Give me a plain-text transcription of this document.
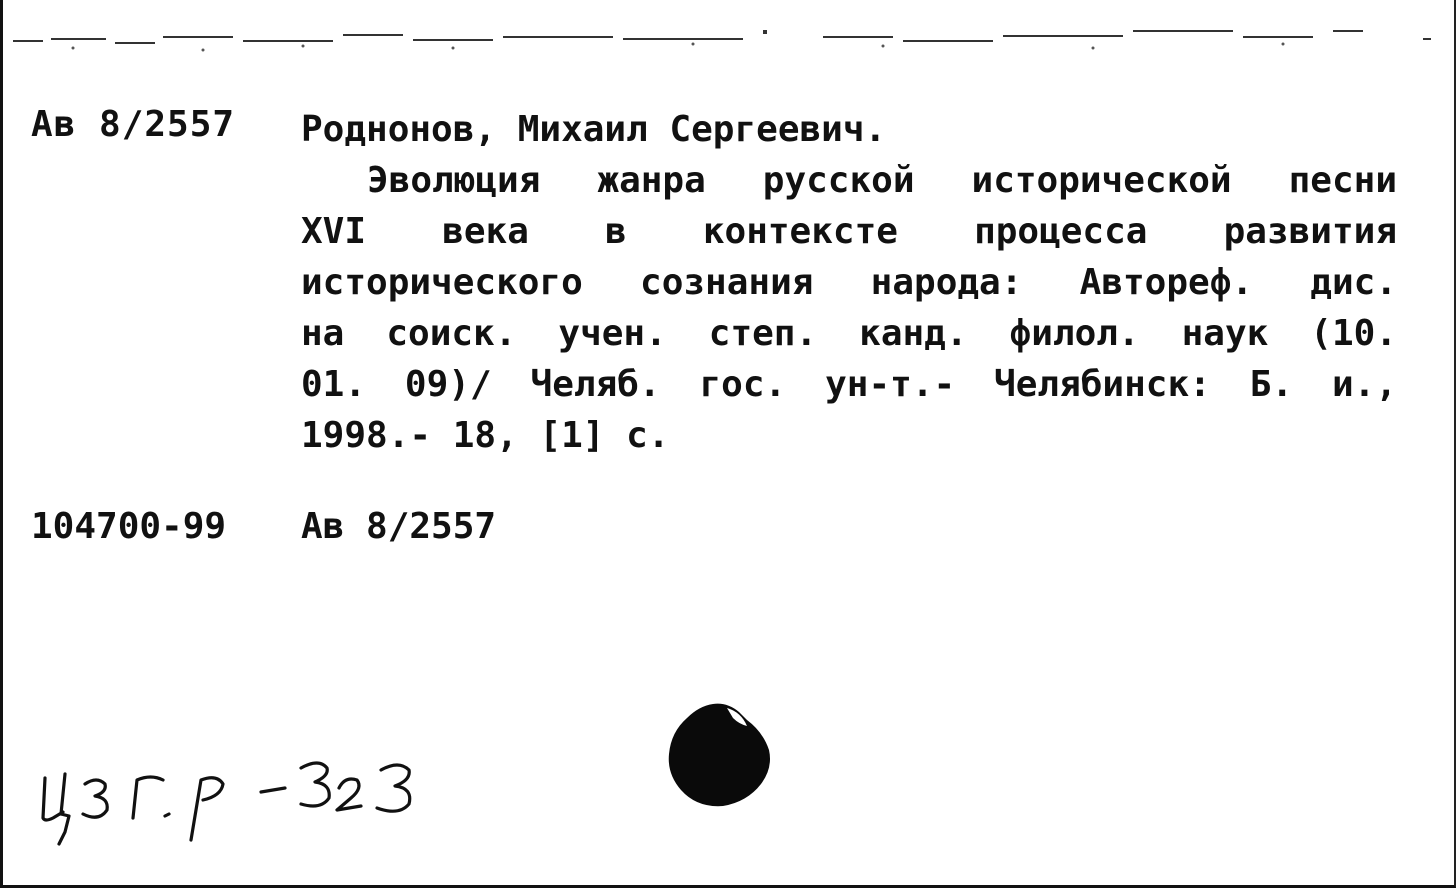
Ав 8/2557 Роднонов, Михаил Сергеевич.
Эволюция жанра русской исторической песни
XVI века в контексте процесса развития
исторического сознания народа: Автореф. дис.
на соиск. учен. степ. канд. филол. наук (10.
01. 09)/ Челяб. гос. ун-т.- Челябинск: Б. и.,
1998.- 18, [1] с.
104700-99 Ав 8/2557
